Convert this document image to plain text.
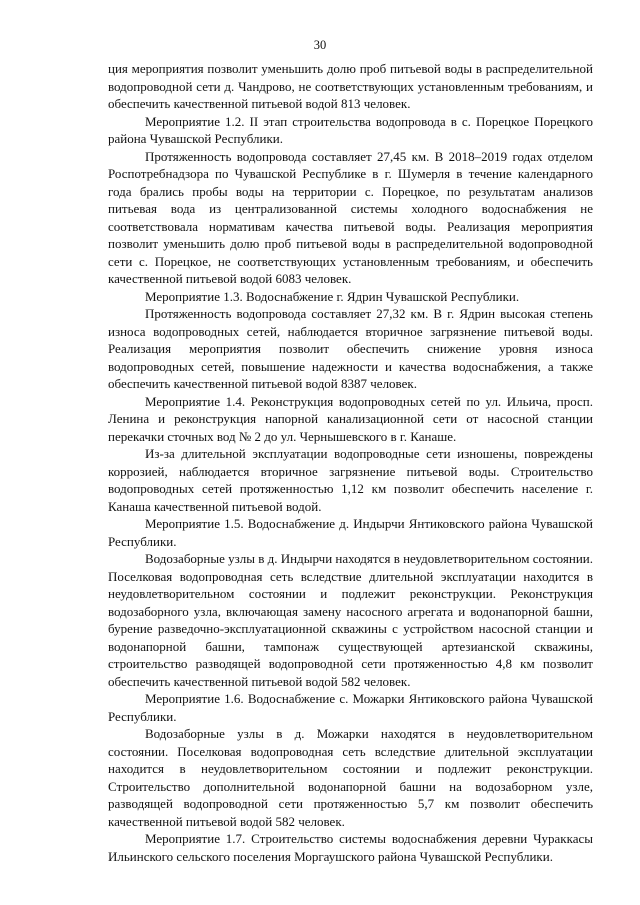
30

ция мероприятия позволит уменьшить долю проб питьевой воды в распределительной водопроводной сети д. Чандрово, не соответствующих установленным требованиям, и обеспечить качественной питьевой водой 813 человек.

Мероприятие 1.2. II этап строительства водопровода в с. Порецкое Порецкого района Чувашской Республики.

Протяженность водопровода составляет 27,45 км. В 2018–2019 годах отделом Роспотребнадзора по Чувашской Республике в г. Шумерля в течение календарного года брались пробы воды на территории с. Порецкое, по результатам анализов питьевая вода из централизованной системы холодного водоснабжения не соответствовала нормативам качества питьевой воды. Реализация мероприятия позволит уменьшить долю проб питьевой воды в распределительной водопроводной сети с. Порецкое, не соответствующих установленным требованиям, и обеспечить качественной питьевой водой 6083 человек.

Мероприятие 1.3. Водоснабжение г. Ядрин Чувашской Республики.

Протяженность водопровода составляет 27,32 км. В г. Ядрин высокая степень износа водопроводных сетей, наблюдается вторичное загрязнение питьевой воды. Реализация мероприятия позволит обеспечить снижение уровня износа водопроводных сетей, повышение надежности и качества водоснабжения, а также обеспечить качественной питьевой водой 8387 человек.

Мероприятие 1.4. Реконструкция водопроводных сетей по ул. Ильича, просп. Ленина и реконструкция напорной канализационной сети от насосной станции перекачки сточных вод № 2 до ул. Чернышевского в г. Канаше.

Из-за длительной эксплуатации водопроводные сети изношены, повреждены коррозией, наблюдается вторичное загрязнение питьевой воды. Строительство водопроводных сетей протяженностью 1,12 км позволит обеспечить население г. Канаша качественной питьевой водой.

Мероприятие 1.5. Водоснабжение д. Индырчи Янтиковского района Чувашской Республики.

Водозаборные узлы в д. Индырчи находятся в неудовлетворительном состоянии. Поселковая водопроводная сеть вследствие длительной эксплуатации находится в неудовлетворительном состоянии и подлежит реконструкции. Реконструкция водозаборного узла, включающая замену насосного агрегата и водонапорной башни, бурение разведочно-эксплуатационной скважины с устройством насосной станции и водонапорной башни, тампонаж существующей артезианской скважины, строительство разводящей водопроводной сети протяженностью 4,8 км позволит обеспечить качественной питьевой водой 582 человек.

Мероприятие 1.6. Водоснабжение с. Можарки Янтиковского района Чувашской Республики.

Водозаборные узлы в д. Можарки находятся в неудовлетворительном состоянии. Поселковая водопроводная сеть вследствие длительной эксплуатации находится в неудовлетворительном состоянии и подлежит реконструкции. Строительство дополнительной водонапорной башни на водозаборном узле, разводящей водопроводной сети протяженностью 5,7 км позволит обеспечить качественной питьевой водой 582 человек.

Мероприятие 1.7. Строительство системы водоснабжения деревни Чураккасы Ильинского сельского поселения Моргаушского района Чувашской Республики.
